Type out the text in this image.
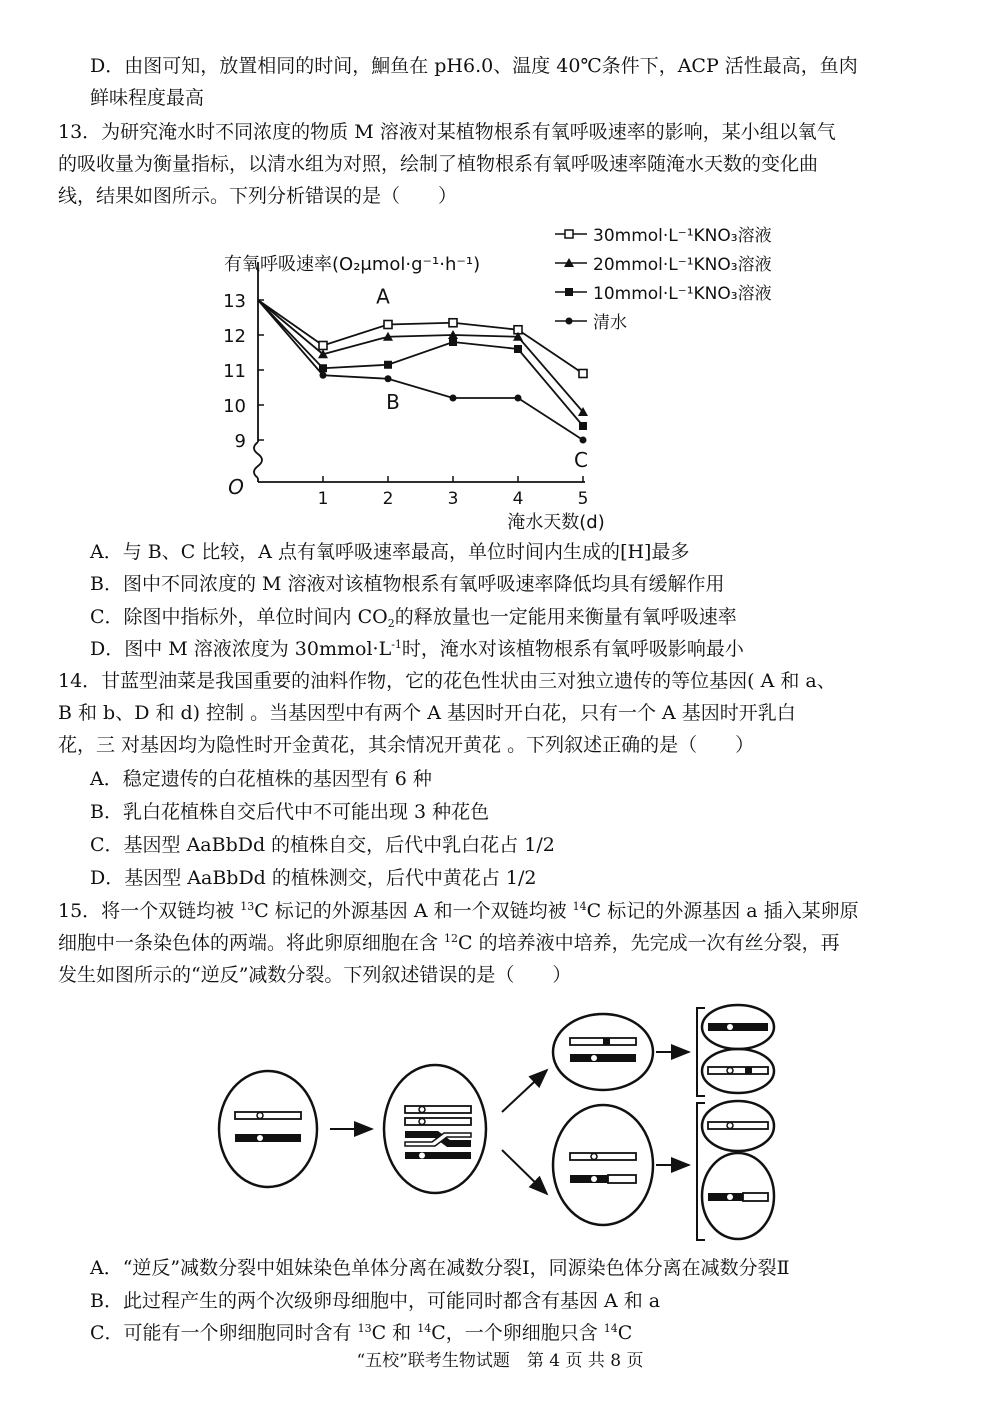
D．由图可知，放置相同的时间，鮰鱼在 pH6.0、温度 40℃条件下，ACP 活性最高，鱼肉
鲜味程度最高
13．为研究淹水时不同浓度的物质 M 溶液对某植物根系有氧呼吸速率的影响，某小组以氧气
的吸收量为衡量指标，以清水组为对照，绘制了植物根系有氧呼吸速率随淹水天数的变化曲
线，结果如图所示。下列分析错误的是（　　）
9
10
11
12
13
1	2	3	4	5
O
有氧呼吸速率(O₂μmol·g⁻¹·h⁻¹)
淹水天数(d)
A
B
C
30mmol·L⁻¹KNO₃溶液
20mmol·L⁻¹KNO₃溶液
10mmol·L⁻¹KNO₃溶液
清水
A．与 B、C 比较，A 点有氧呼吸速率最高，单位时间内生成的[H]最多
B．图中不同浓度的 M 溶液对该植物根系有氧呼吸速率降低均具有缓解作用
C．除图中指标外，单位时间内 $CO_2$的释放量也一定能用来衡量有氧呼吸速率
D．图中 M 溶液浓度为 $30mmol\cdot L^{-1}$时，淹水对该植物根系有氧呼吸影响最小
14．甘蓝型油菜是我国重要的油料作物，它的花色性状由三对独立遗传的等位基因( A 和 a、
B 和 b、D 和 d) 控制 。当基因型中有两个 A 基因时开白花，只有一个 A 基因时开乳白
花，三 对基因均为隐性时开金黄花，其余情况开黄花 。下列叙述正确的是（　　）
A．稳定遗传的白花植株的基因型有 6 种
B．乳白花植株自交后代中不可能出现 3 种花色
C．基因型 AaBbDd 的植株自交，后代中乳白花占 1/2
D．基因型 AaBbDd 的植株测交，后代中黄花占 1/2
15．将一个双链均被 $^{13}$C 标记的外源基因 A 和一个双链均被 $^{14}$C 标记的外源基因 a 插入某卵原
细胞中一条染色体的两端。将此卵原细胞在含 $^{12}$C 的培养液中培养，先完成一次有丝分裂，再
发生如图所示的“逆反”减数分裂。下列叙述错误的是（　　）
A．“逆反”减数分裂中姐妹染色单体分离在减数分裂Ⅰ，同源染色体分离在减数分裂Ⅱ
B．此过程产生的两个次级卵母细胞中，可能同时都含有基因 A 和 a
C．可能有一个卵细胞同时含有 $^{13}$C 和 $^{14}$C，一个卵细胞只含 $^{14}$C
“五校”联考生物试题　第 4 页 共 8 页
